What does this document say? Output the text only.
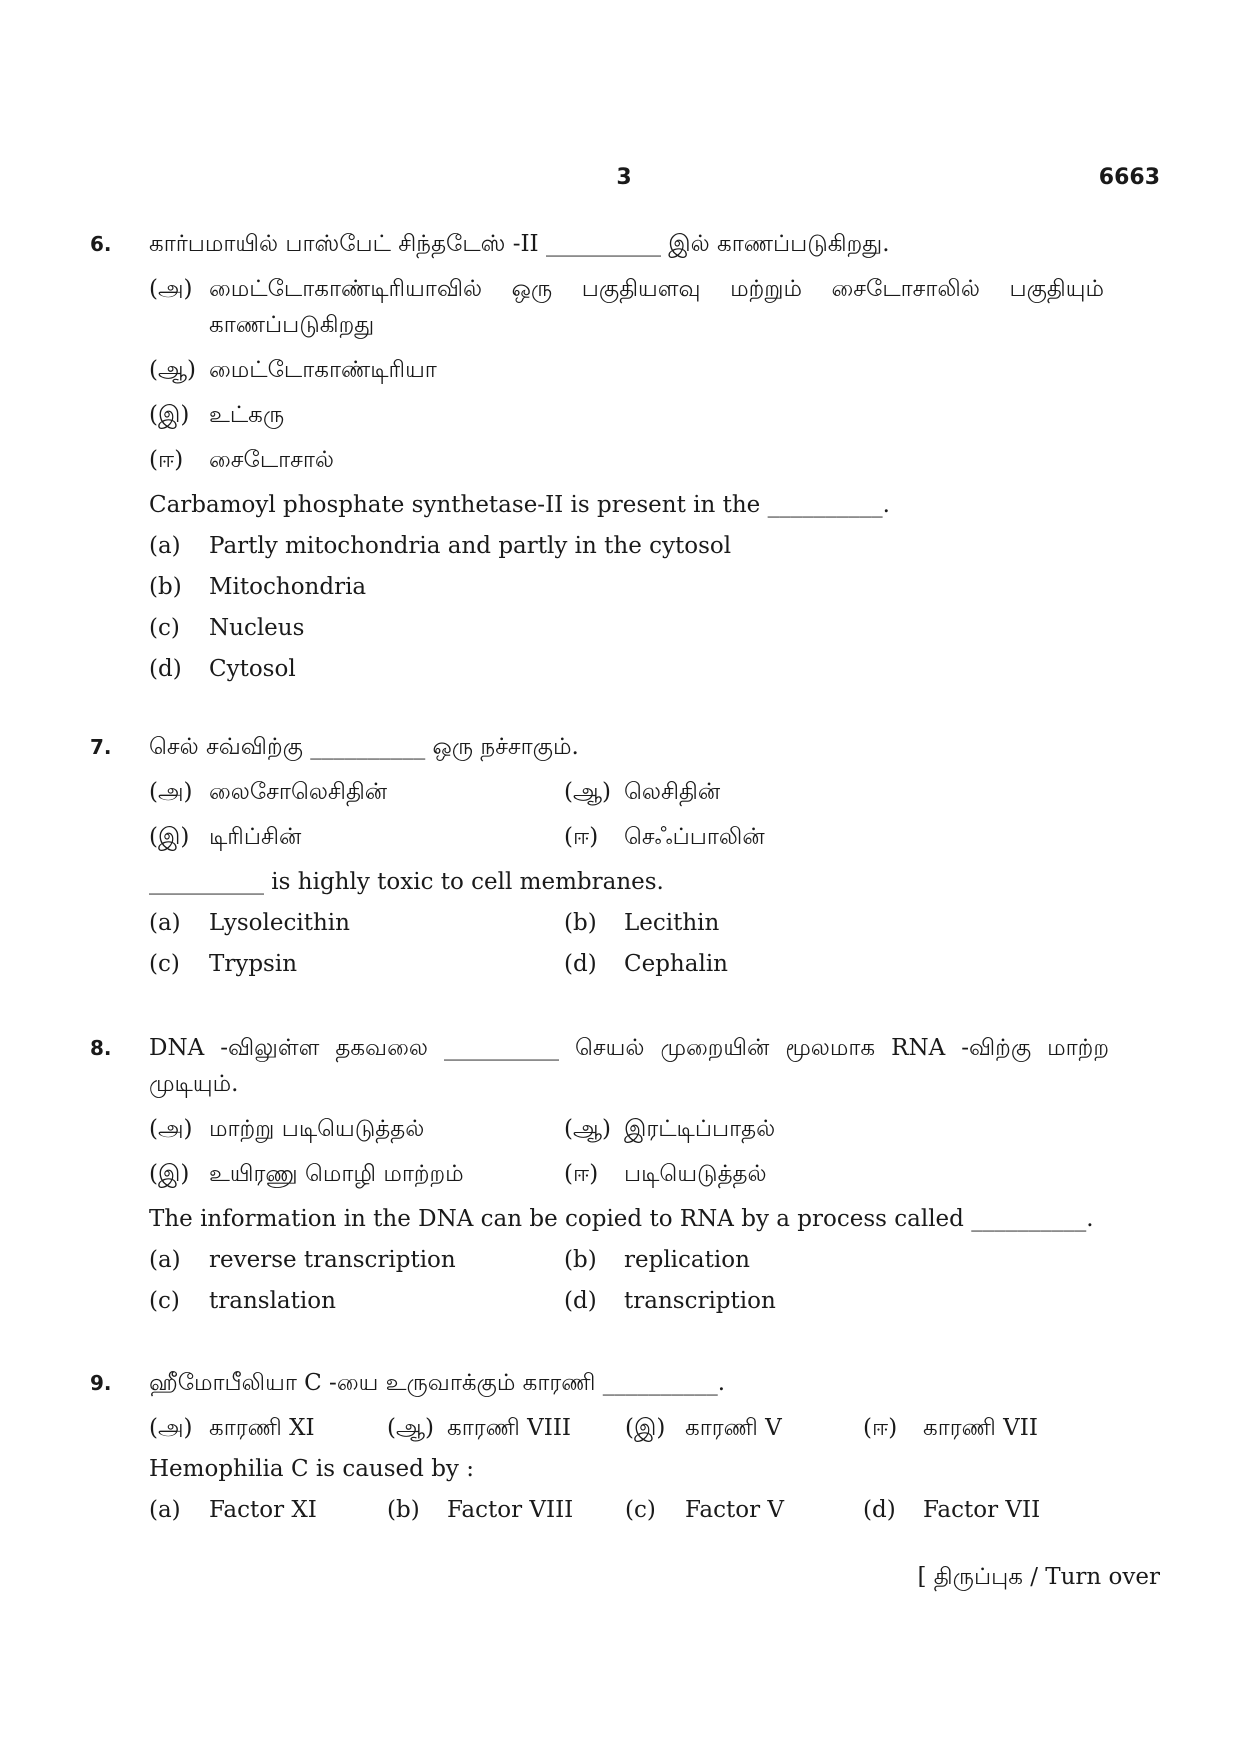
3	6663
6. கார்பமாயில் பாஸ்பேட் சிந்தடேஸ் -II __________ இல் காணப்படுகிறது.
(அ) மைட்டோகாண்டிரியாவில் ஒரு பகுதியளவு மற்றும் சைடோசாலில் பகுதியும் காணப்படுகிறது
(ஆ) மைட்டோகாண்டிரியா
(இ) உட்கரு
(ஈ)	சைடோசால்
Carbamoyl phosphate synthetase-II is present in the __________.
(a)	Partly mitochondria and partly in the cytosol
(b)	Mitochondria
(c)	Nucleus
(d)	Cytosol
7. செல் சவ்விற்கு __________ ஒரு நச்சாகும்.
(அ) லைசோலெசிதின்	(ஆ) லெசிதின்
(இ) டிரிப்சின்	(ஈ)	செஃப்பாலின்
__________ is highly toxic to cell membranes.
(a)	Lysolecithin	(b)	Lecithin
(c)	Trypsin	(d)	Cephalin
8. DNA -விலுள்ள தகவலை __________ செயல் முறையின் மூலமாக RNA -விற்கு மாற்ற முடியும்.
(அ) மாற்று படியெடுத்தல்	(ஆ) இரட்டிப்பாதல்
(இ) உயிரணு மொழி மாற்றம்	(ஈ)	படியெடுத்தல்
The information in the DNA can be copied to RNA by a process called __________.
(a)	reverse transcription	(b)	replication
(c)	translation	(d)	transcription
9. ஹீமோபீலியா C -யை உருவாக்கும் காரணி __________.
(அ) காரணி XI	(ஆ) காரணி VIII	(இ) காரணி V	(ஈ)	காரணி VII
Hemophilia C is caused by :
(a)	Factor XI	(b)	Factor VIII	(c)	Factor V	(d)	Factor VII
[ திருப்புக / Turn over
